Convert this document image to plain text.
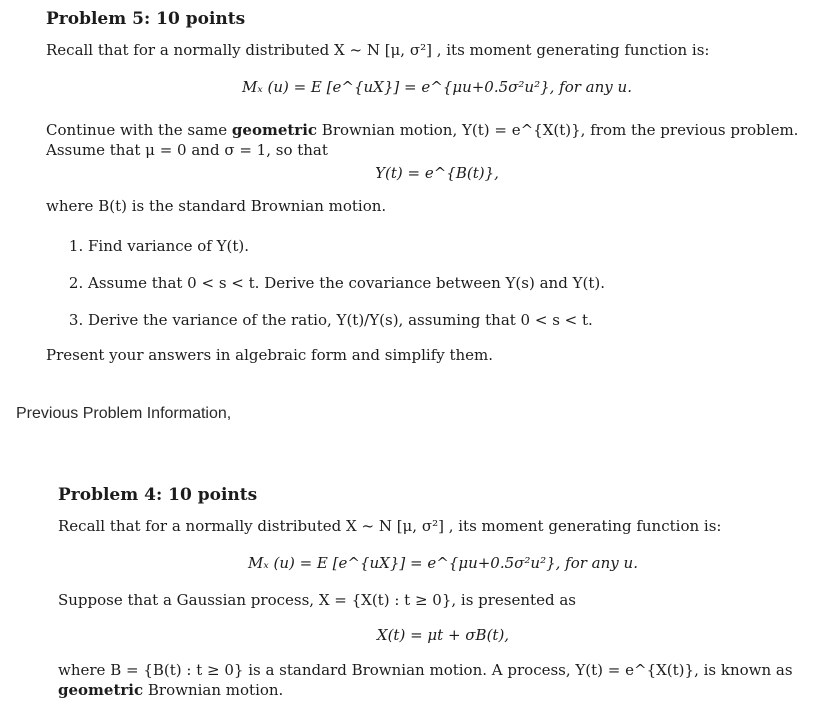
Problem 5: 10 points

Recall that for a normally distributed X ~ N [μ, σ²] , its moment generating function is:

Mₓ (u) = E [e^{uX}] = e^{μu+0.5σ²u²}, for any u.

Continue with the same geometric Brownian motion, Y(t) = e^{X(t)}, from the previous problem. Assume that μ = 0 and σ = 1, so that

Y(t) = e^{B(t)},

where B(t) is the standard Brownian motion.

1. Find variance of Y(t).
2. Assume that 0 < s < t. Derive the covariance between Y(s) and Y(t).
3. Derive the variance of the ratio, Y(t)/Y(s), assuming that 0 < s < t.

Present your answers in algebraic form and simplify them.

Previous Problem Information,

Problem 4: 10 points

Recall that for a normally distributed X ~ N [μ, σ²] , its moment generating function is:

Mₓ (u) = E [e^{uX}] = e^{μu+0.5σ²u²}, for any u.

Suppose that a Gaussian process, X = {X(t) : t ≥ 0}, is presented as

X(t) = μt + σB(t),

where B = {B(t) : t ≥ 0} is a standard Brownian motion. A process, Y(t) = e^{X(t)}, is known as geometric Brownian motion.
